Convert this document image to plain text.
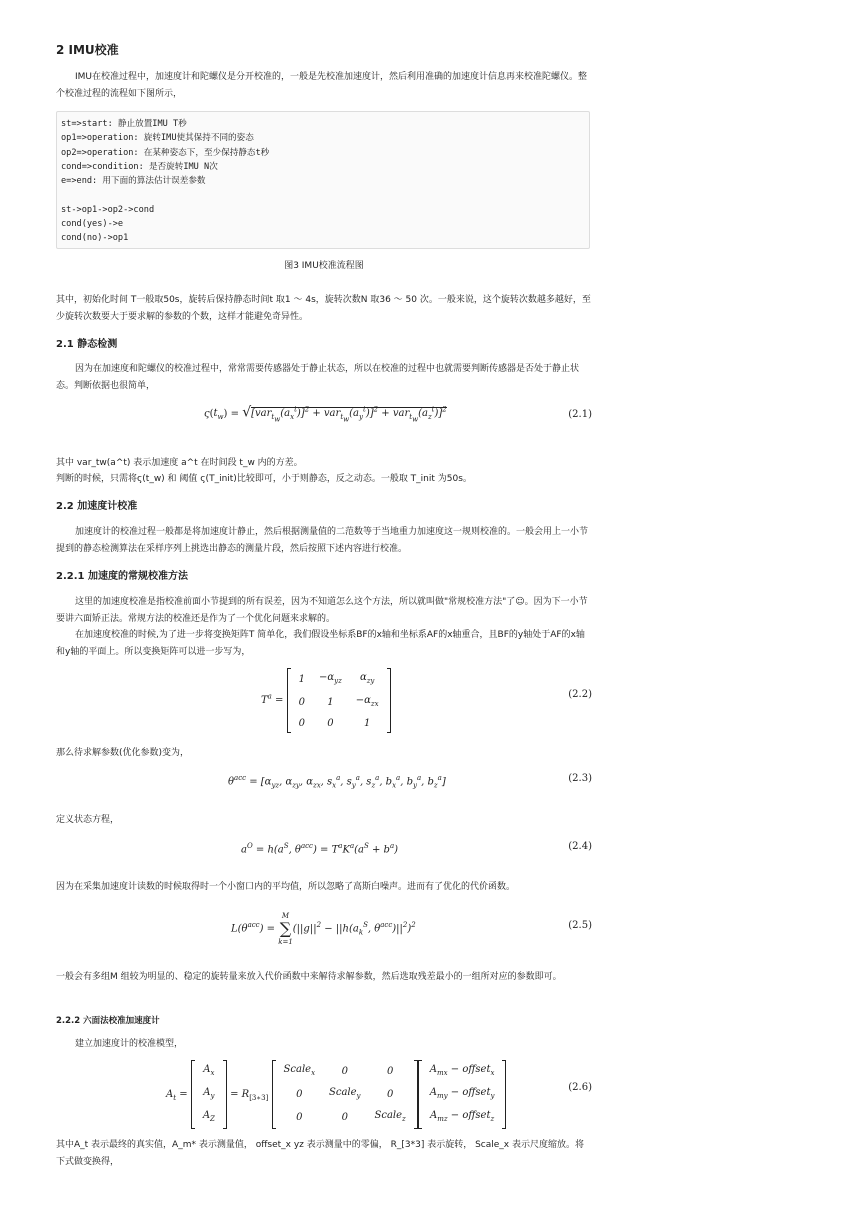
2 IMU校准

IMU在校准过程中，加速度计和陀螺仪是分开校准的，一般是先校准加速度计，然后利用准确的加速度计信息再来校准陀螺仪。整个校准过程的流程如下图所示，

st=>start: 静止放置IMU T秒
op1=>operation: 旋转IMU使其保持不同的姿态
op2=>operation: 在某种姿态下，至少保持静态t秒
cond=>condition: 是否旋转IMU N次
e=>end: 用下面的算法估计误差参数

st->op1->op2->cond
cond(yes)->e
cond(no)->op1
图3 IMU校准流程图

其中，初始化时间 T一般取50s，旋转后保持静态时间t 取1 ～ 4s，旋转次数N 取36 ～ 50 次。一般来说，这个旋转次数越多越好，至少旋转次数要大于要求解的参数的个数，这样才能避免奇异性。

2.1 静态检测

因为在加速度和陀螺仪的校准过程中，常常需要传感器处于静止状态，所以在校准的过程中也就需要判断传感器是否处于静止状态。判断依据也很简单，

$\varsigma(t_w) = √[var_{t_w}(a_x^t)]^2 + var_{t_w}(a_y^t)]^2 + var_{t_w}(a_z^t)]^2$	(2.1)

其中 var_tw(a^t) 表示加速度 a^t 在时间段 t_w 内的方差。

判断的时候，只需将ς(t_w) 和 阈值 ς(T_init)比较即可，小于则静态，反之动态。一般取 T_init 为50s。

2.2 加速度计校准

加速度计的校准过程一般都是将加速度计静止，然后根据测量值的二范数等于当地重力加速度这一规则校准的。一般会用上一小节提到的静态检测算法在采样序列上挑选出静态的测量片段，然后按照下述内容进行校准。

2.2.1 加速度的常规校准方法

这里的加速度校准是指校准前面小节提到的所有误差，因为不知道怎么这个方法，所以就叫做"常规校准方法"了☺。因为下一小节要讲六面矫正法。常规方法的校准还是作为了一个优化问题来求解的。

在加速度校准的时候,为了进一步将变换矩阵T 简单化，我们假设坐标系BF的x轴和坐标系AF的x轴重合，且BF的y轴处于AF的x轴和y轴的平面上。所以变换矩阵可以进一步写为，

$T^a$ =
1	$-\alpha_{yz}$	$\alpha_{zy}$
0	1	$-\alpha_{zx}$
0	0	1
(2.2)

那么待求解参数(优化参数)变为，

$\theta^{acc} = [\alpha_{yz}$, $\alpha_{zy}$, $\alpha_{zx}$, $s_x^a$, $s_y^a$, $s_z^a$, $b_x^a$, $b_y^a$, $b_z^a$]	(2.3)

定义状态方程，

$a^O = h(a^S$, $\theta^{acc}) = T^aK^a(a^S + b^a)$	(2.4)

因为在采集加速度计读数的时候取得时一个小窗口内的平均值，所以忽略了高斯白噪声。进而有了优化的代价函数。

$L(\theta^{acc}) = M$
∑
$k=1(||g||^2 - ||h(a_k^S$, $\theta^{acc})||^2)^2$	(2.5)

一般会有多组M 组较为明显的、稳定的旋转量来放入代价函数中来解待求解参数，然后选取残差最小的一组所对应的参数即可。

2.2.2 六面法校准加速度计

建立加速度计的校准模型，

$A_t$ =
$A_x$
$A_y$
$A_Z$
= $R_{[3∗3]}$
Scale$_x$	0	0
0	Scale$_y$	0
0	0	Scale$_z$
$A_{mx}$ − offset$_x$
$A_{my}$ − offset$_y$
$A_{mz}$ − offset$_z$
(2.6)

其中A_t 表示最终的真实值，A_m* 表示测量值， offset_x yz 表示测量中的零偏， R_[3*3] 表示旋转， Scale_x 表示尺度缩放。将下式做变换得，
